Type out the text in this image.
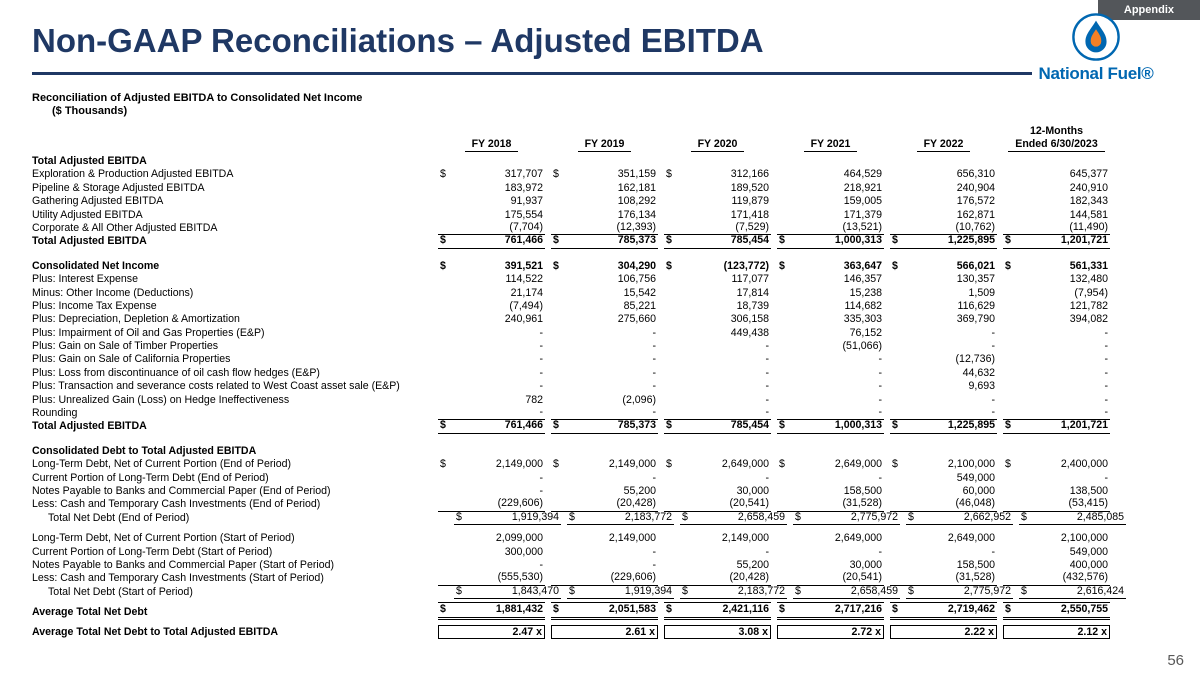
Appendix
Non-GAAP Reconciliations – Adjusted EBITDA
National Fuel®
Reconciliation of Adjusted EBITDA to Consolidated Net Income
($ Thousands)
FY 2018	FY 2019	FY 2020	FY 2021	FY 2022
12-Months
Ended 6/30/2023
Total Adjusted EBITDA
Exploration & Production Adjusted EBITDA	$	317,707 $	351,159 $	312,166	464,529	656,310	645,377
Pipeline & Storage Adjusted EBITDA	183,972	162,181	189,520	218,921	240,904	240,910
Gathering Adjusted EBITDA	91,937	108,292	119,879	159,005	176,572	182,343
Utility Adjusted EBITDA	175,554	176,134	171,418	171,379	162,871	144,581
Corporate & All Other Adjusted EBITDA	(7,704)	(12,393)	(7,529)	(13,521)	(10,762)	(11,490)
Total Adjusted EBITDA	$	761,466 $	785,373 $	785,454 $	1,000,313 $	1,225,895 $	1,201,721
Consolidated Net Income	$	391,521 $	304,290 $	(123,772) $	363,647 $	566,021 $	561,331
Plus: Interest Expense	114,522	106,756	117,077	146,357	130,357	132,480
Minus: Other Income (Deductions)	21,174	15,542	17,814	15,238	1,509	(7,954)
Plus: Income Tax Expense	(7,494)	85,221	18,739	114,682	116,629	121,782
Plus: Depreciation, Depletion & Amortization	240,961	275,660	306,158	335,303	369,790	394,082
Plus: Impairment of Oil and Gas Properties (E&P)	-	-	449,438	76,152	-	-
Plus: Gain on Sale of Timber Properties	-	-	-	(51,066)	-	-
Plus: Gain on Sale of California Properties	-	-	-	-	(12,736)	-
Plus: Loss from discontinuance of oil cash flow hedges (E&P)	-	-	-	-	44,632	-
Plus: Transaction and severance costs related to West Coast asset sale (E&P)	-	-	-	-	9,693	-
Plus: Unrealized Gain (Loss) on Hedge Ineffectiveness	782	(2,096)	-	-	-	-
Rounding	-	-	-	-	-	-
Total Adjusted EBITDA	$	761,466 $	785,373 $	785,454 $	1,000,313 $	1,225,895 $	1,201,721
Consolidated Debt to Total Adjusted EBITDA
Long-Term Debt, Net of Current Portion (End of Period)	$	2,149,000 $	2,149,000 $	2,649,000 $	2,649,000 $	2,100,000 $	2,400,000
Current Portion of Long-Term Debt (End of Period)	-	-	-	-	549,000	-
Notes Payable to Banks and Commercial Paper (End of Period)	-	55,200	30,000	158,500	60,000	138,500
Less: Cash and Temporary Cash Investments (End of Period)	(229,606)	(20,428)	(20,541)	(31,528)	(46,048)	(53,415)
Total Net Debt (End of Period)	$	1,919,394 $	2,183,772 $	2,658,459 $	2,775,972 $	2,662,952 $	2,485,085
Long-Term Debt, Net of Current Portion (Start of Period)	2,099,000	2,149,000	2,149,000	2,649,000	2,649,000	2,100,000
Current Portion of Long-Term Debt (Start of Period)	300,000	-	-	-	-	549,000
Notes Payable to Banks and Commercial Paper (Start of Period)	-	-	55,200	30,000	158,500	400,000
Less: Cash and Temporary Cash Investments (Start of Period)	(555,530)	(229,606)	(20,428)	(20,541)	(31,528)	(432,576)
Total Net Debt (Start of Period)	$	1,843,470 $	1,919,394 $	2,183,772 $	2,658,459 $	2,775,972 $	2,616,424
Average Total Net Debt	$	1,881,432 $	2,051,583 $	2,421,116 $	2,717,216 $	2,719,462 $	2,550,755
Average Total Net Debt to Total Adjusted EBITDA	2.47 x	2.61 x	3.08 x	2.72 x	2.22 x	2.12 x
56
